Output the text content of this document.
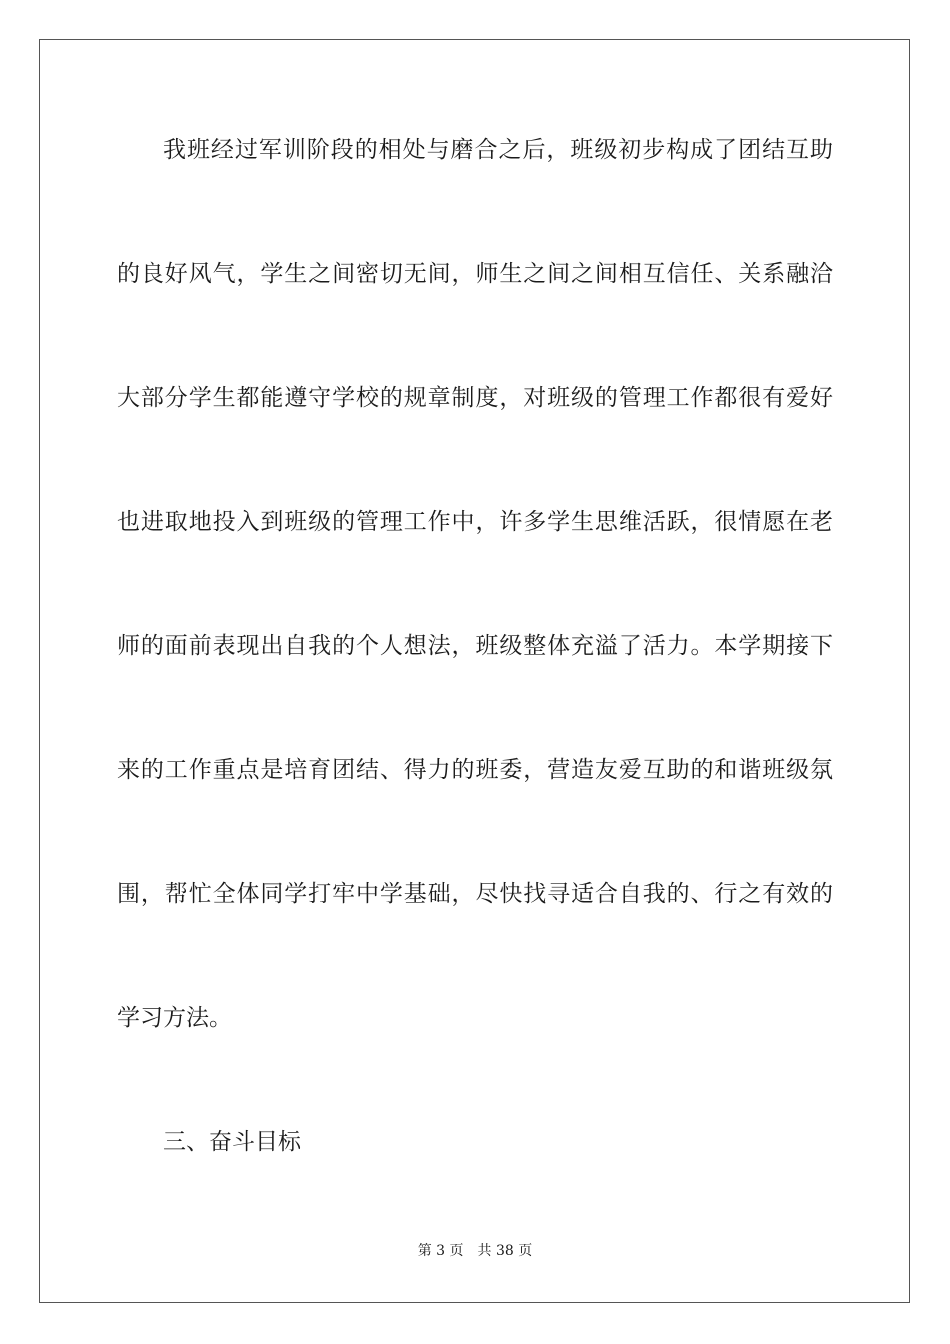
我班经过军训阶段的相处与磨合之后，班级初步构成了团结互助
的良好风气，学生之间密切无间，师生之间之间相互信任、关系融洽
大部分学生都能遵守学校的规章制度，对班级的管理工作都很有爱好
也进取地投入到班级的管理工作中，许多学生思维活跃，很情愿在老
师的面前表现出自我的个人想法，班级整体充溢了活力。本学期接下
来的工作重点是培育团结、得力的班委，营造友爱互助的和谐班级氛
围，帮忙全体同学打牢中学基础，尽快找寻适合自我的、行之有效的
学习方法。
三、奋斗目标
第 3 页 共 38 页
